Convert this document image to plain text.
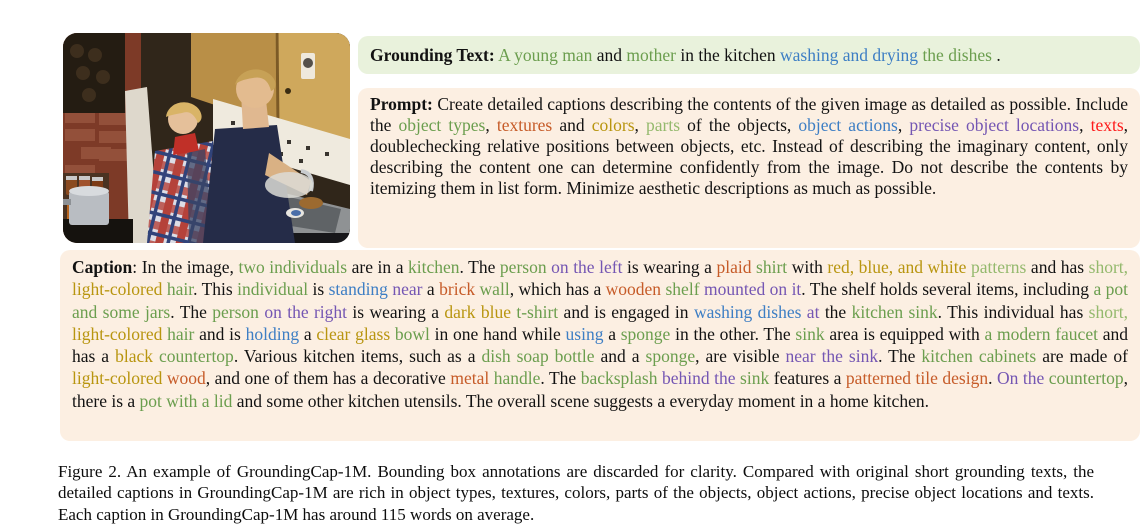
Grounding Text: A young man and mother in the kitchen washing and drying the dishes .
Prompt: Create detailed captions describing the contents of the given image as detailed as possible. Include the object types, textures and colors, parts of the objects, object actions, precise object locations, texts, doublechecking relative positions between objects, etc. Instead of describing the imaginary content, only describing the content one can determine confidently from the image. Do not describe the contents by itemizing them in list form. Minimize aesthetic descriptions as much as possible.
Caption: In the image, two individuals are in a kitchen. The person on the left is wearing a plaid shirt with red, blue, and white patterns and has short, light-colored hair. This individual is standing near a brick wall, which has a wooden shelf mounted on it. The shelf holds several items, including a pot and some jars. The person on the right is wearing a dark blue t-shirt and is engaged in washing dishes at the kitchen sink. This individual has short, light-colored hair and is holding a clear glass bowl in one hand while using a sponge in the other. The sink area is equipped with a modern faucet and has a black countertop. Various kitchen items, such as a dish soap bottle and a sponge, are visible near the sink. The kitchen cabinets are made of light-colored wood, and one of them has a decorative metal handle. The backsplash behind the sink features a patterned tile design. On the countertop, there is a pot with a lid and some other kitchen utensils. The overall scene suggests a everyday moment in a home kitchen.
Figure 2. An example of GroundingCap-1M. Bounding box annotations are discarded for clarity. Compared with original short grounding texts, the detailed captions in GroundingCap-1M are rich in object types, textures, colors, parts of the objects, object actions, precise object locations and texts. Each caption in GroundingCap-1M has around 115 words on average.
